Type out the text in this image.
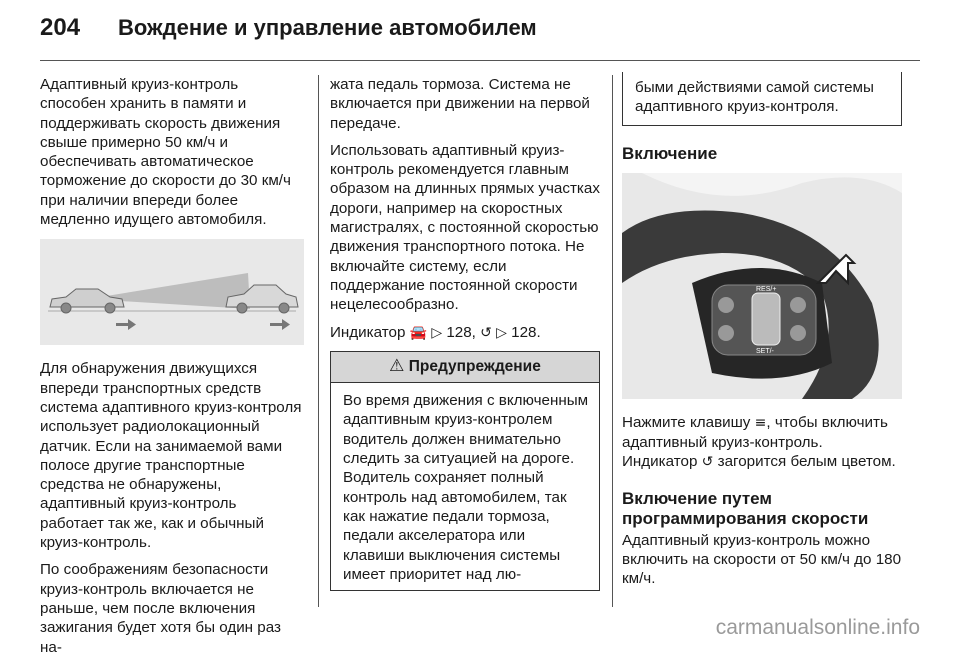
204 Вождение и управление автомобилем

Адаптивный круиз-контроль способен хранить в памяти и поддерживать скорость движения свыше примерно 50 км/ч и обеспечивать автоматическое торможение до скорости до 30 км/ч при наличии впереди более медленно идущего автомобиля.

Для обнаружения движущихся впереди транспортных средств система адаптивного круиз-контроля использует радиолокационный датчик. Если на занимаемой вами полосе другие транспортные средства не обнаружены, адаптивный круиз-контроль работает так же, как и обычный круиз-контроль.

По соображениям безопасности круиз-контроль включается не раньше, чем после включения зажигания будет хотя бы один раз на-

жата педаль тормоза. Система не включается при движении на первой передаче.

Использовать адаптивный круиз-контроль рекомендуется главным образом на длинных прямых участках дороги, например на скоростных магистралях, с постоянной скоростью движения транспортного потока. Не включайте систему, если поддержание постоянной скорости нецелесообразно.

Индикатор 🚘 ▷ 128, ↺ ▷ 128.

⚠ Предупреждение
Во время движения с включенным адаптивным круиз-контролем водитель должен внимательно следить за ситуацией на дороге. Водитель сохраняет полный контроль над автомобилем, так как нажатие педали тормоза, педали акселератора или клавиши выключения системы имеет приоритет над лю-
быми действиями самой системы адаптивного круиз-контроля.
Включение
RES/+
SET/-

Нажмите клавишу ≡, чтобы включить адаптивный круиз-контроль. Индикатор ↺ загорится белым цветом.

Включение путем программирования скорости

Адаптивный круиз-контроль можно включить на скорости от 50 км/ч до 180 км/ч.

carmanualsonline.info
